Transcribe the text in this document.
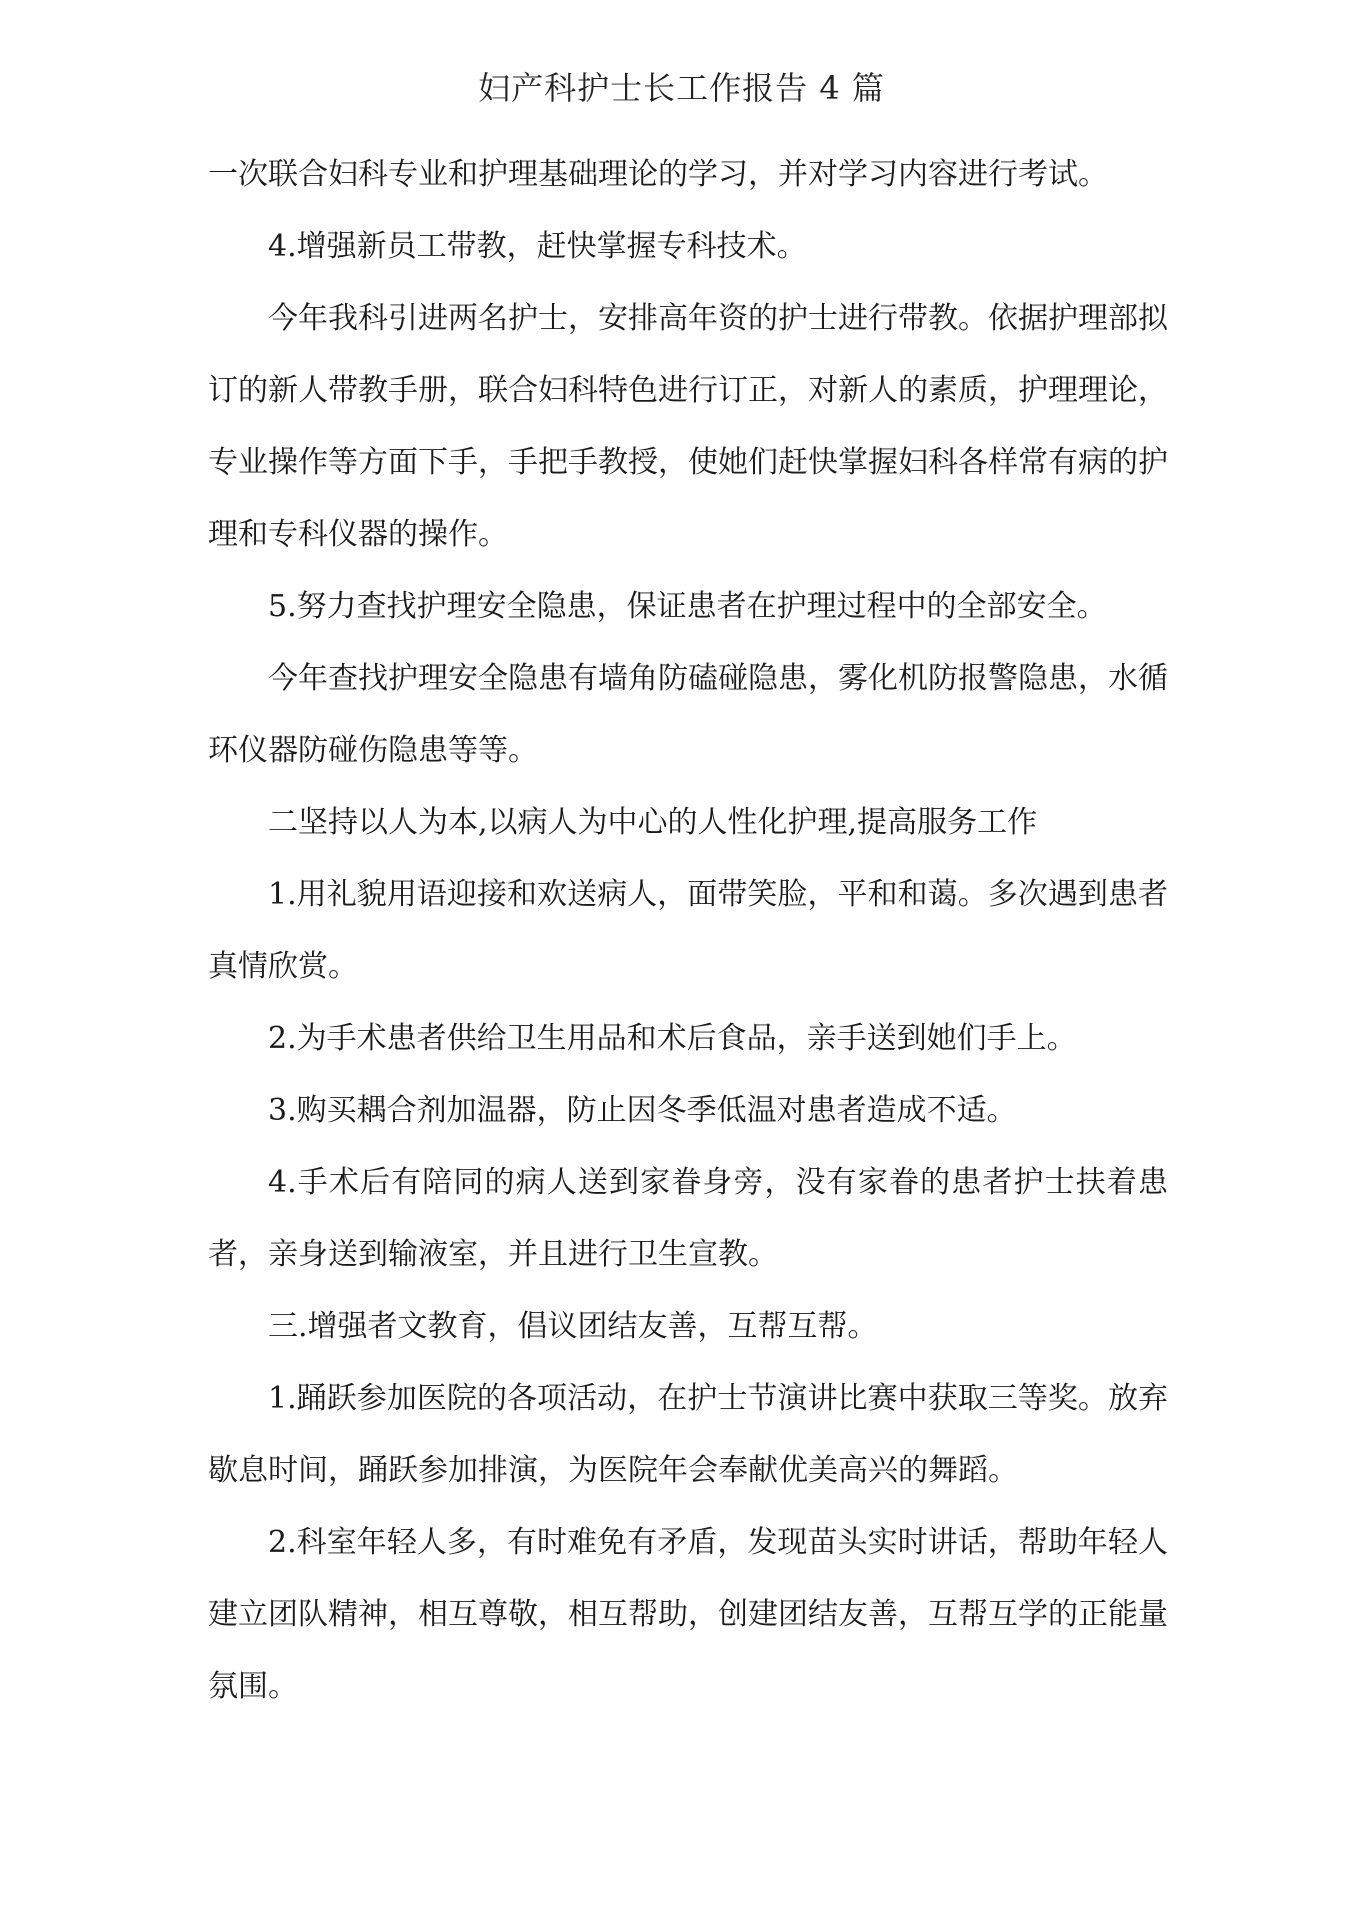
妇产科护士长工作报告 4 篇

一次联合妇科专业和护理基础理论的学习，并对学习内容进行考试。

4.增强新员工带教，赶快掌握专科技术。

今年我科引进两名护士，安排高年资的护士进行带教。依据护理部拟订的新人带教手册，联合妇科特色进行订正，对新人的素质，护理理论，专业操作等方面下手，手把手教授，使她们赶快掌握妇科各样常有病的护理和专科仪器的操作。

5.努力查找护理安全隐患，保证患者在护理过程中的全部安全。

今年查找护理安全隐患有墙角防磕碰隐患，雾化机防报警隐患，水循环仪器防碰伤隐患等等。

二坚持以人为本,以病人为中心的人性化护理,提高服务工作

1.用礼貌用语迎接和欢送病人，面带笑脸，平和和蔼。多次遇到患者真情欣赏。

2.为手术患者供给卫生用品和术后食品，亲手送到她们手上。

3.购买耦合剂加温器，防止因冬季低温对患者造成不适。

4.手术后有陪同的病人送到家眷身旁，没有家眷的患者护士扶着患者，亲身送到输液室，并且进行卫生宣教。

三.增强者文教育，倡议团结友善，互帮互帮。

1.踊跃参加医院的各项活动，在护士节演讲比赛中获取三等奖。放弃歇息时间，踊跃参加排演，为医院年会奉献优美高兴的舞蹈。

2.科室年轻人多，有时难免有矛盾，发现苗头实时讲话，帮助年轻人建立团队精神，相互尊敬，相互帮助，创建团结友善，互帮互学的正能量氛围。
